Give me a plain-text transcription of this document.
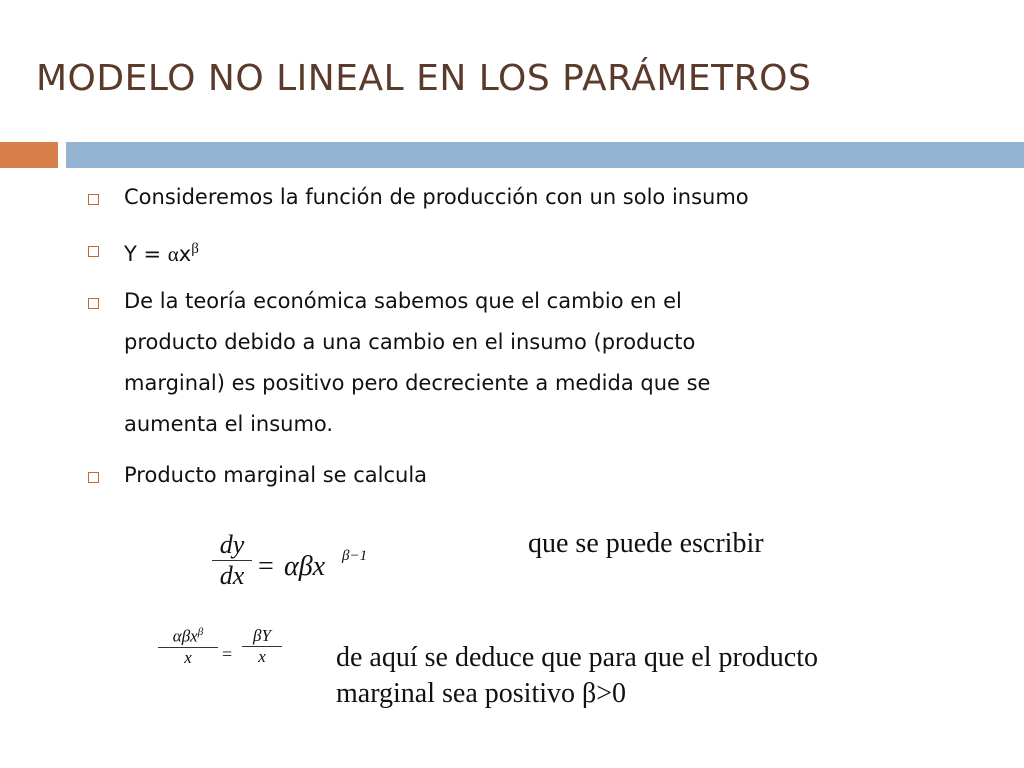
MODELO NO LINEAL EN LOS PARÁMETROS
Consideremos la función de producción con un solo insumo
$Y = \alpha x^\beta$
De la teoría económica sabemos que el cambio en el
producto debido a una cambio en el insumo (producto
marginal) es positivo pero decreciente a medida que se
aumenta el insumo.
Producto marginal se calcula
dy
dx = αβx β−1	que se puede escribir
αβx$^\beta$
x	=
βY
x	de aquí se deduce que para que el producto
marginal sea positivo β>0
